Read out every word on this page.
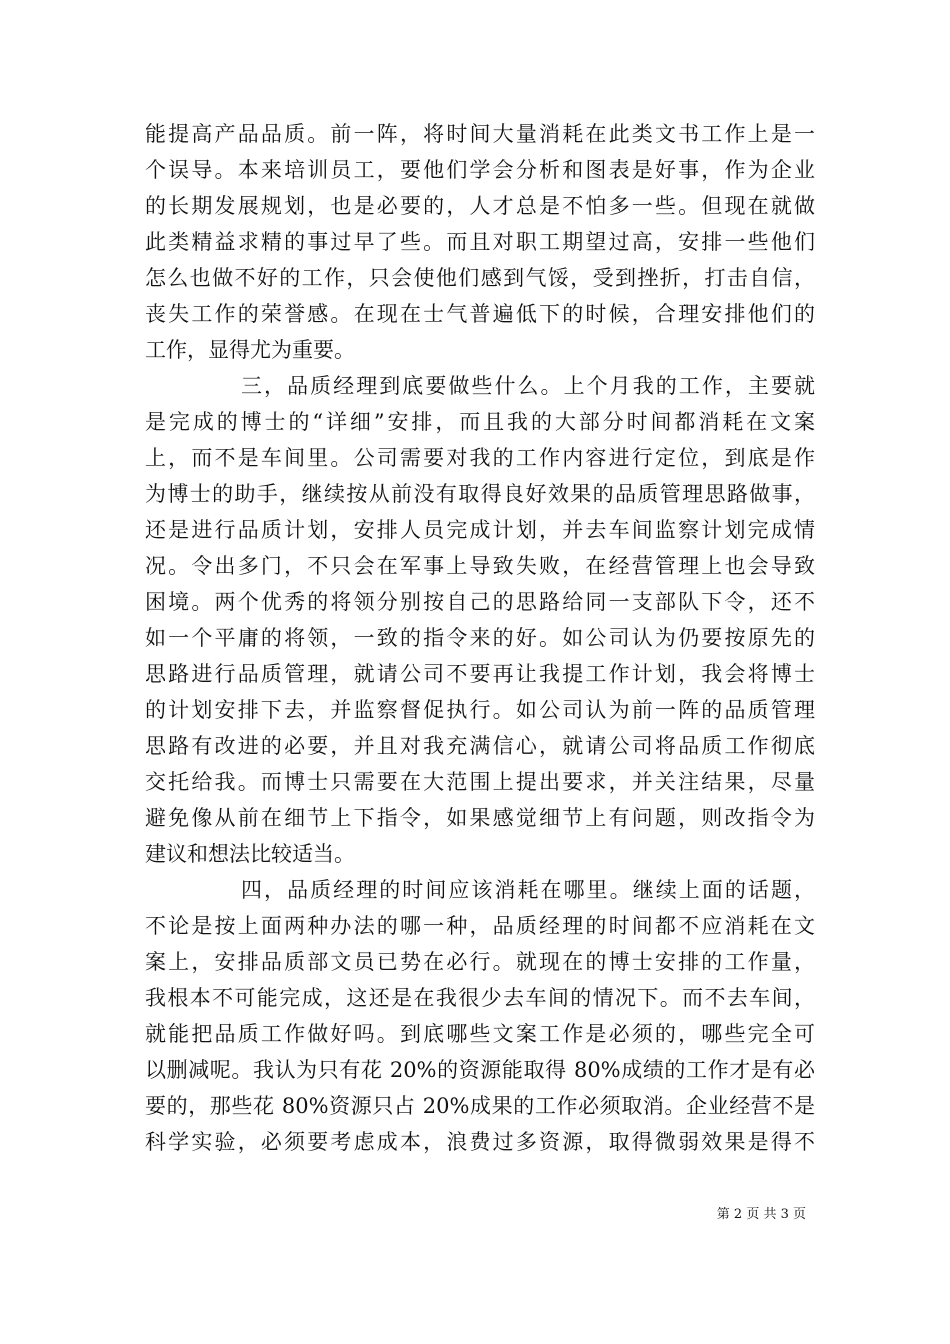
能提高产品品质。前一阵，将时间大量消耗在此类文书工作上是一
个误导。本来培训员工，要他们学会分析和图表是好事，作为企业
的长期发展规划，也是必要的，人才总是不怕多一些。但现在就做
此类精益求精的事过早了些。而且对职工期望过高，安排一些他们
怎么也做不好的工作，只会使他们感到气馁，受到挫折，打击自信，
丧失工作的荣誉感。在现在士气普遍低下的时候，合理安排他们的
工作，显得尤为重要。
三，品质经理到底要做些什么。上个月我的工作，主要就
是完成的博士的“详细”安排，而且我的大部分时间都消耗在文案
上，而不是车间里。公司需要对我的工作内容进行定位，到底是作
为博士的助手，继续按从前没有取得良好效果的品质管理思路做事，
还是进行品质计划，安排人员完成计划，并去车间监察计划完成情
况。令出多门，不只会在军事上导致失败，在经营管理上也会导致
困境。两个优秀的将领分别按自己的思路给同一支部队下令，还不
如一个平庸的将领，一致的指令来的好。如公司认为仍要按原先的
思路进行品质管理，就请公司不要再让我提工作计划，我会将博士
的计划安排下去，并监察督促执行。如公司认为前一阵的品质管理
思路有改进的必要，并且对我充满信心，就请公司将品质工作彻底
交托给我。而博士只需要在大范围上提出要求，并关注结果，尽量
避免像从前在细节上下指令，如果感觉细节上有问题，则改指令为
建议和想法比较适当。
四，品质经理的时间应该消耗在哪里。继续上面的话题，
不论是按上面两种办法的哪一种，品质经理的时间都不应消耗在文
案上，安排品质部文员已势在必行。就现在的博士安排的工作量，
我根本不可能完成，这还是在我很少去车间的情况下。而不去车间，
就能把品质工作做好吗。到底哪些文案工作是必须的，哪些完全可
以删减呢。我认为只有花 20%的资源能取得 80%成绩的工作才是有必
要的，那些花 80%资源只占 20%成果的工作必须取消。企业经营不是
科学实验，必须要考虑成本，浪费过多资源，取得微弱效果是得不
第 2 页 共 3 页
